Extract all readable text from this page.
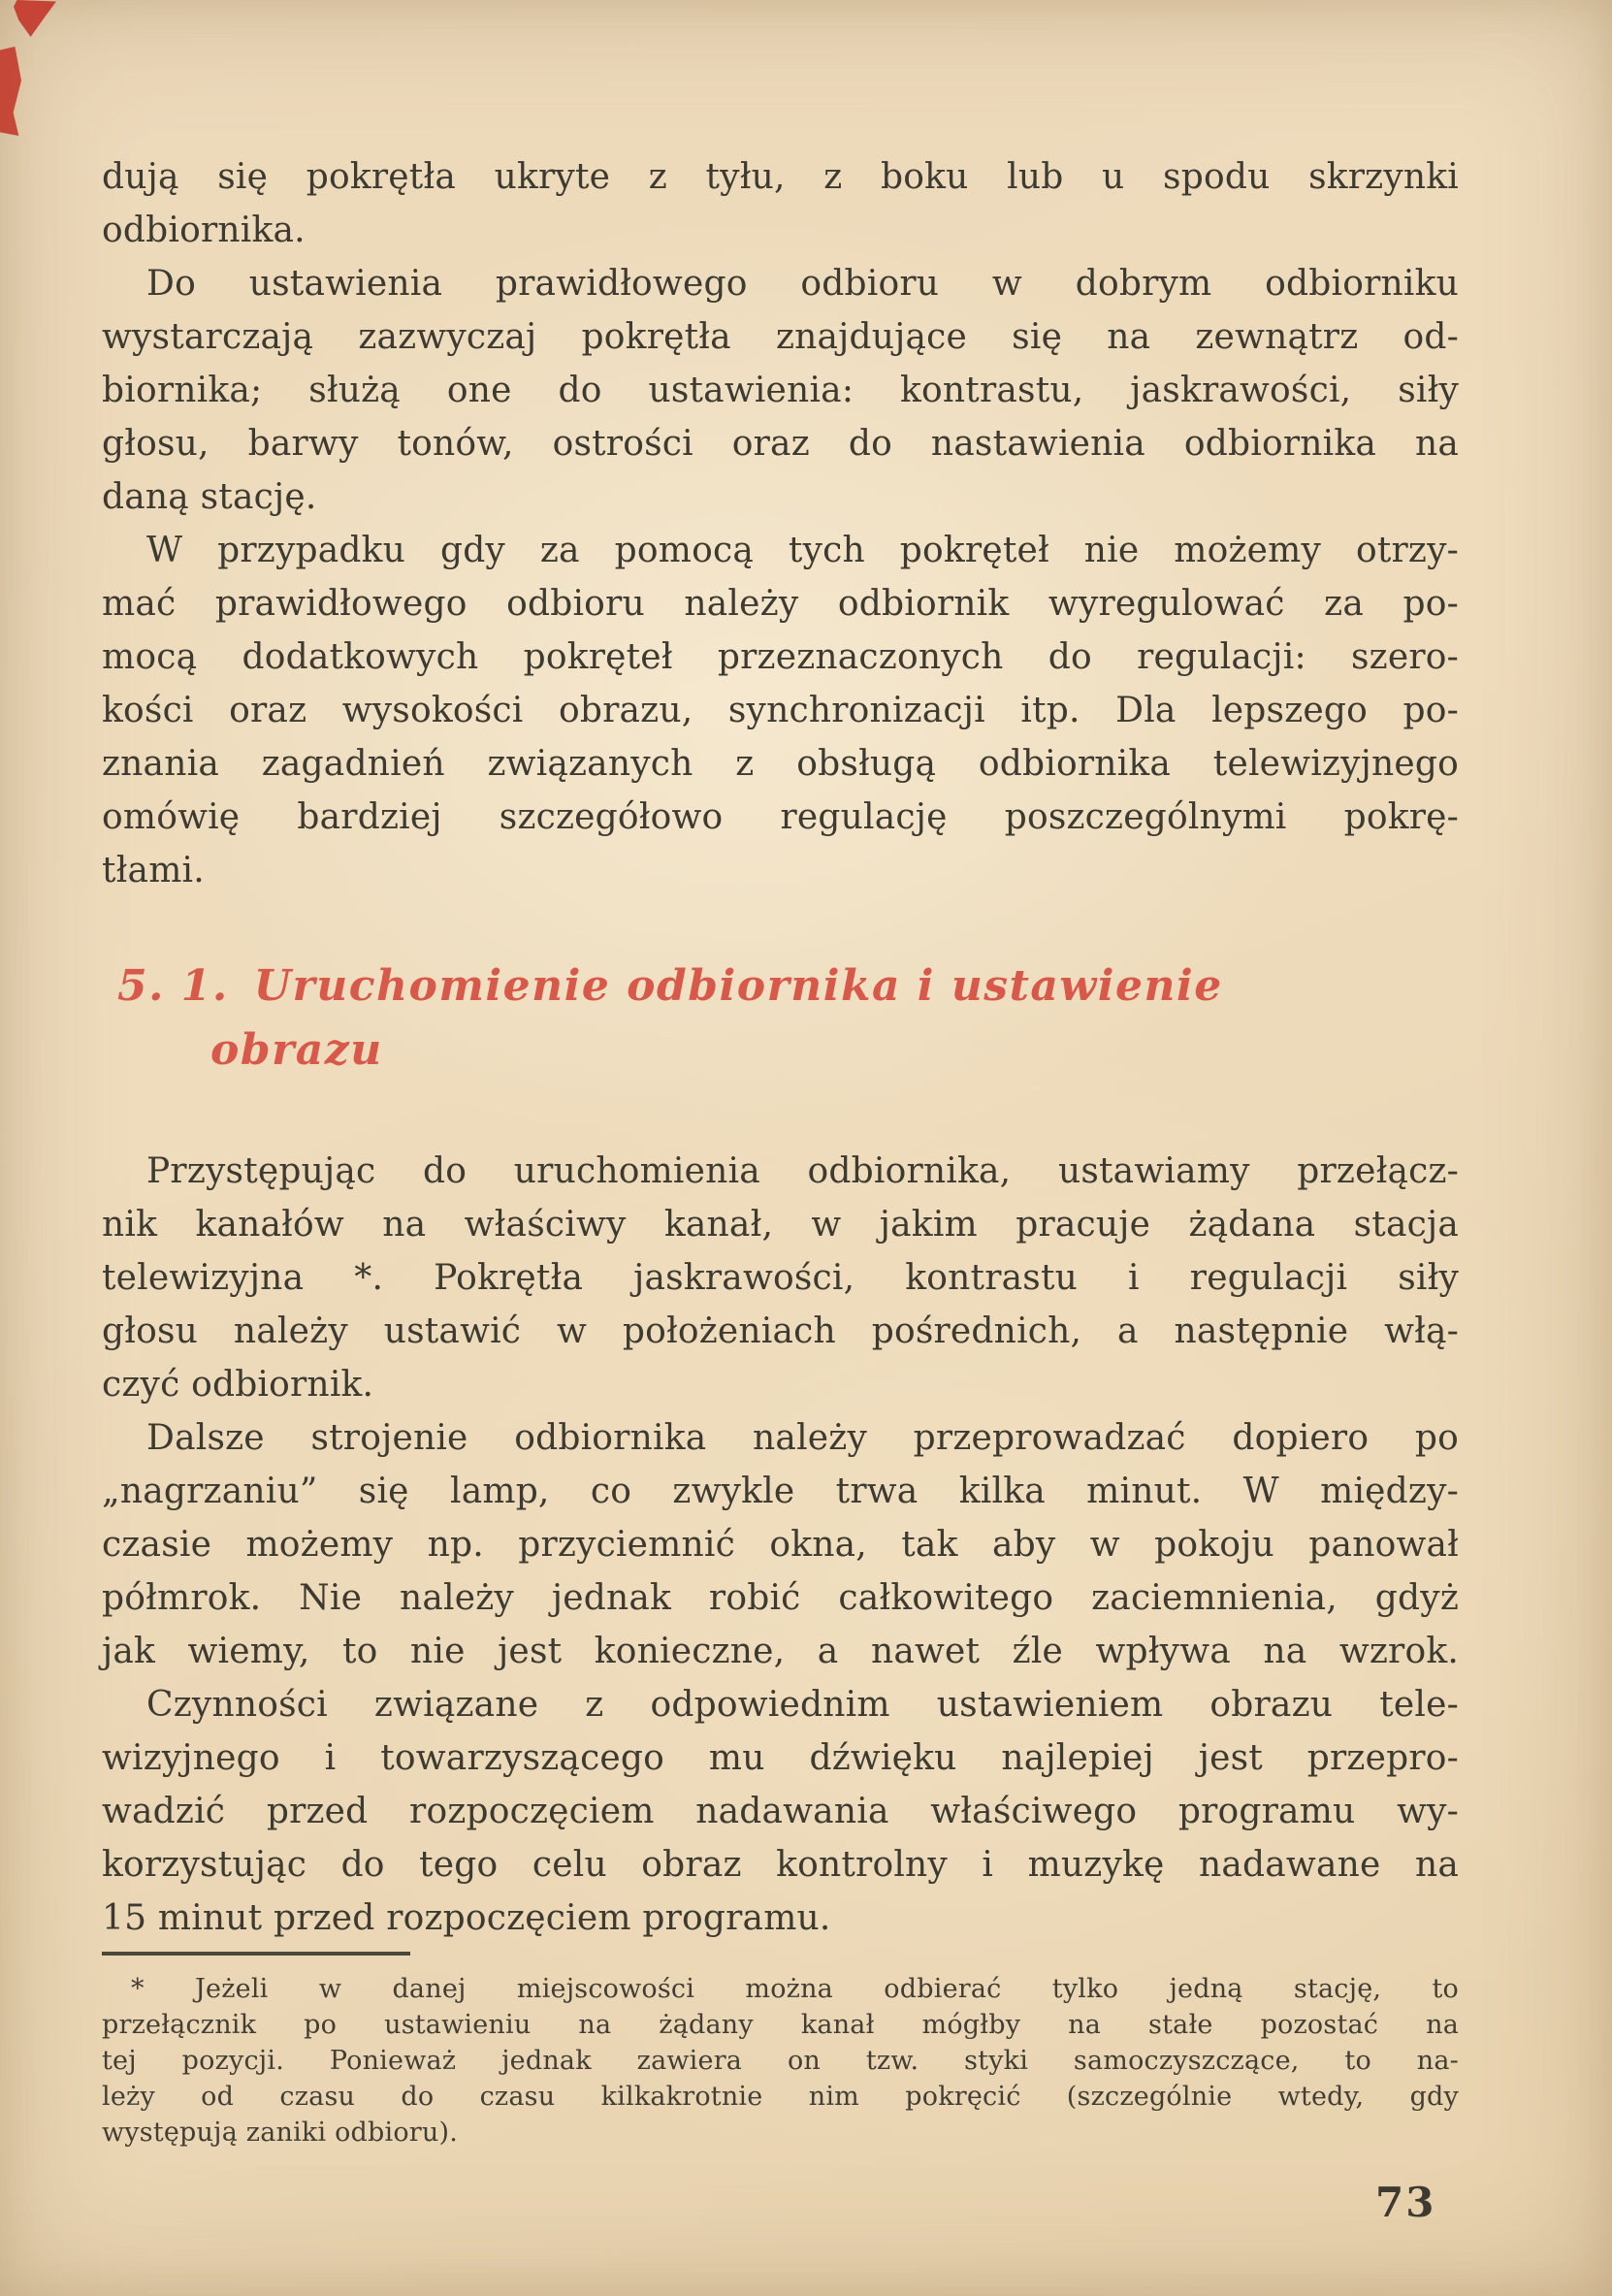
dują się pokrętła ukryte z tyłu, z boku lub u spodu skrzynki
odbiornika.
Do ustawienia prawidłowego odbioru w dobrym odbiorniku
wystarczają zazwyczaj pokrętła znajdujące się na zewnątrz od-
biornika; służą one do ustawienia: kontrastu, jaskrawości, siły
głosu, barwy tonów, ostrości oraz do nastawienia odbiornika na
daną stację.
W przypadku gdy za pomocą tych pokręteł nie możemy otrzy-
mać prawidłowego odbioru należy odbiornik wyregulować za po-
mocą dodatkowych pokręteł przeznaczonych do regulacji: szero-
kości oraz wysokości obrazu, synchronizacji itp. Dla lepszego po-
znania zagadnień związanych z obsługą odbiornika telewizyjnego
omówię bardziej szczegółowo regulację poszczególnymi pokrę-
tłami.
5. 1. Uruchomienie odbiornika i ustawienie
obrazu
Przystępując do uruchomienia odbiornika, ustawiamy przełącz-
nik kanałów na właściwy kanał, w jakim pracuje żądana stacja
telewizyjna *. Pokrętła jaskrawości, kontrastu i regulacji siły
głosu należy ustawić w położeniach pośrednich, a następnie włą-
czyć odbiornik.
Dalsze strojenie odbiornika należy przeprowadzać dopiero po
„nagrzaniu” się lamp, co zwykle trwa kilka minut. W między-
czasie możemy np. przyciemnić okna, tak aby w pokoju panował
półmrok. Nie należy jednak robić całkowitego zaciemnienia, gdyż
jak wiemy, to nie jest konieczne, a nawet źle wpływa na wzrok.
Czynności związane z odpowiednim ustawieniem obrazu tele-
wizyjnego i towarzyszącego mu dźwięku najlepiej jest przepro-
wadzić przed rozpoczęciem nadawania właściwego programu wy-
korzystując do tego celu obraz kontrolny i muzykę nadawane na
15 minut przed rozpoczęciem programu.
* Jeżeli w danej miejscowości można odbierać tylko jedną stację, to
przełącznik po ustawieniu na żądany kanał mógłby na stałe pozostać na
tej pozycji. Ponieważ jednak zawiera on tzw. styki samoczyszczące, to na-
leży od czasu do czasu kilkakrotnie nim pokręcić (szczególnie wtedy, gdy
występują zaniki odbioru).
73
